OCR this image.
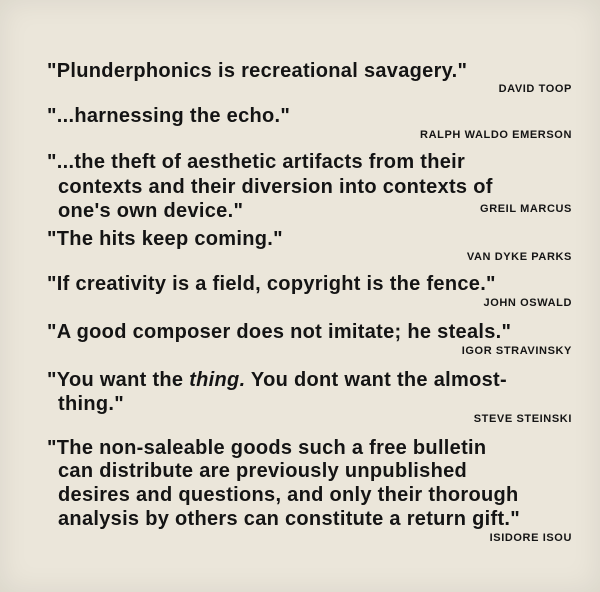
"Plunderphonics is recreational savagery."

DAVID TOOP

"...harnessing the echo."

RALPH WALDO EMERSON

"...the theft of aesthetic artifacts from their

contexts and their diversion into contexts of

one's own device."	GREIL MARCUS

"The hits keep coming."

VAN DYKE PARKS

"If creativity is a field, copyright is the fence."

JOHN OSWALD

"A good composer does not imitate; he steals."

IGOR STRAVINSKY

"You want the thing. You dont want the almost-

thing."

STEVE STEINSKI

"The non-saleable goods such a free bulletin

can distribute are previously unpublished

desires and questions, and only their thorough

analysis by others can constitute a return gift."

ISIDORE ISOU
